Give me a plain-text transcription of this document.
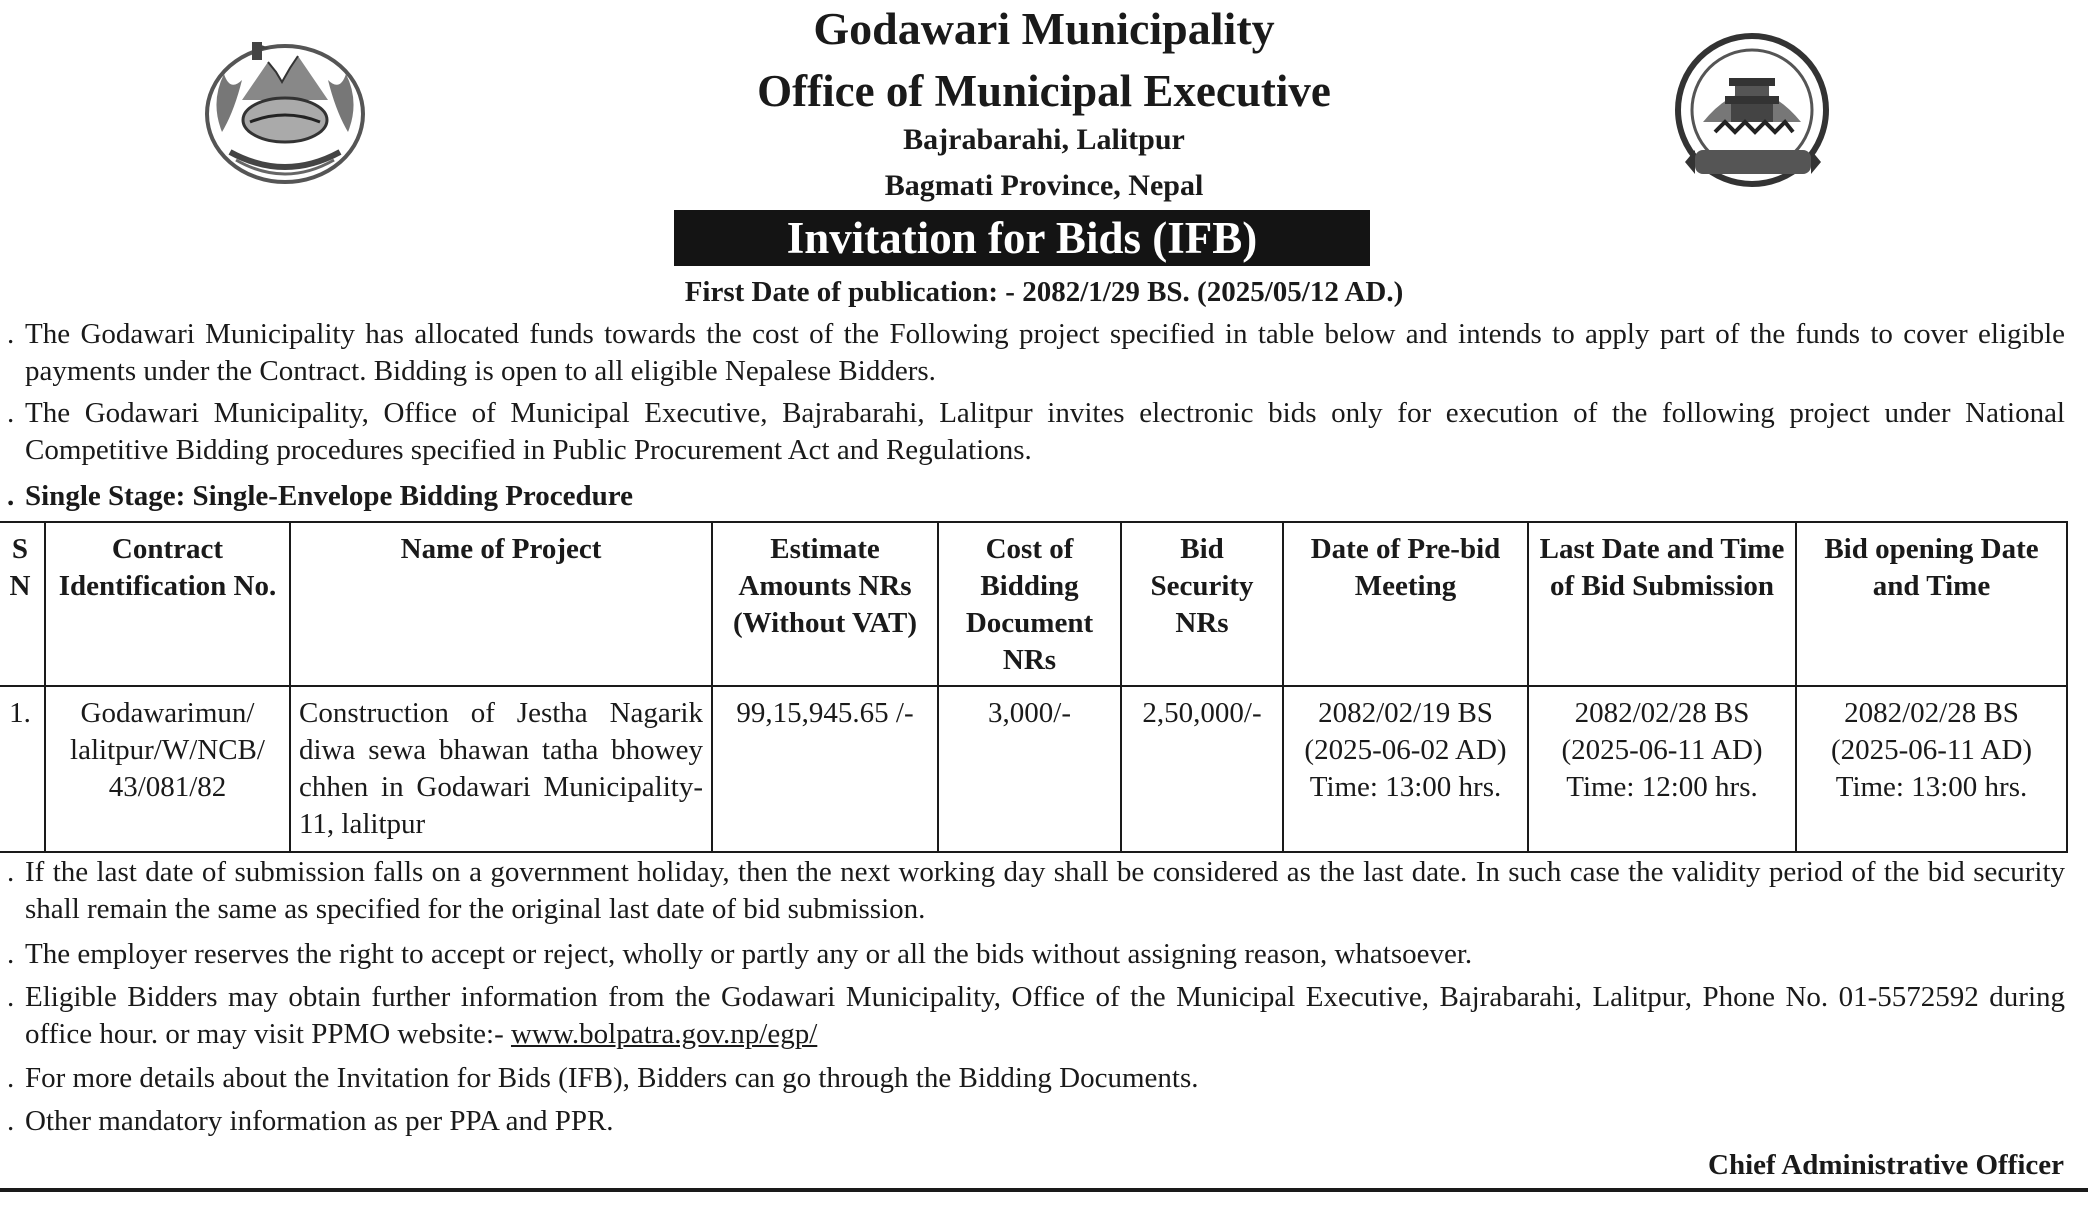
Godawari Municipality
Office of Municipal Executive
Bajrabarahi, Lalitpur
Bagmati Province, Nepal
Invitation for Bids (IFB)
First Date of publication: - 2082/1/29 BS. (2025/05/12 AD.)
. The Godawari Municipality has allocated funds towards the cost of the Following project specified in table below and intends to apply part of the funds to cover eligible payments under the Contract. Bidding is open to all eligible Nepalese Bidders.
. The Godawari Municipality, Office of Municipal Executive, Bajrabarahi, Lalitpur invites electronic bids only for execution of the following project under National Competitive Bidding procedures specified in Public Procurement Act and Regulations.
. Single Stage: Single-Envelope Bidding Procedure
S
N	Contract Identification No.	Name of Project	Estimate Amounts NRs (Without VAT)	Cost of Bidding Document NRs	Bid Security NRs	Date of Pre-bid Meeting	Last Date and Time of Bid Submission	Bid opening Date and Time
1.	Godawarimun/
lalitpur/W/NCB/
43/081/82	Construction of Jestha Nagarik diwa sewa bhawan tatha bhowey chhen in Godawari Municipality-11, lalitpur	99,15,945.65 /-	3,000/-	2,50,000/-	2082/02/19 BS
(2025-06-02 AD)
Time: 13:00 hrs.	2082/02/28 BS
(2025-06-11 AD)
Time: 12:00 hrs.	2082/02/28 BS
(2025-06-11 AD)
Time: 13:00 hrs.
. If the last date of submission falls on a government holiday, then the next working day shall be considered as the last date. In such case the validity period of the bid security shall remain the same as specified for the original last date of bid submission.
. The employer reserves the right to accept or reject, wholly or partly any or all the bids without assigning reason, whatsoever.
. Eligible Bidders may obtain further information from the Godawari Municipality, Office of the Municipal Executive, Bajrabarahi, Lalitpur, Phone No. 01-5572592 during office hour. or may visit PPMO website:- www.bolpatra.gov.np/egp/
. For more details about the Invitation for Bids (IFB), Bidders can go through the Bidding Documents.
. Other mandatory information as per PPA and PPR.
Chief Administrative Officer
